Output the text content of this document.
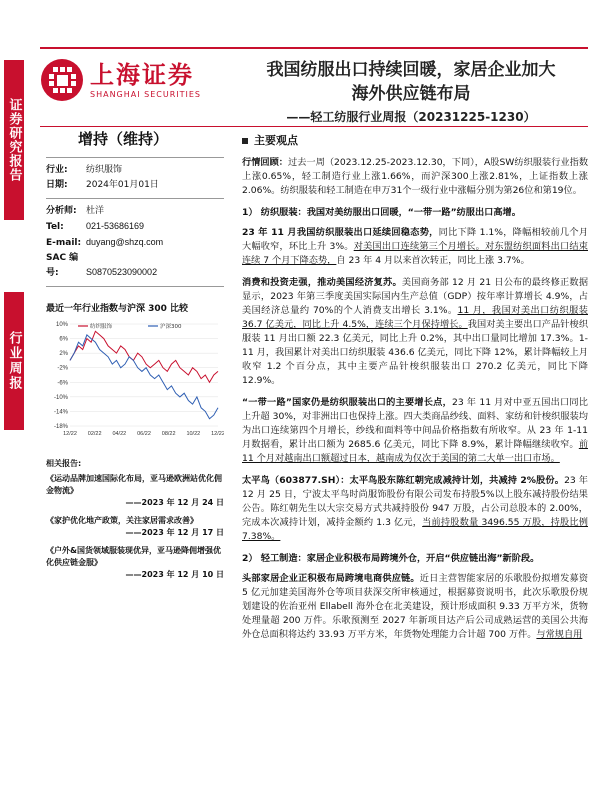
证券研究报告
行业周报
上海证券
SHANGHAI SECURITIES
我国纺服出口持续回暖，家居企业加大
海外供应链布局
——轻工纺服行业周报（20231225-1230）
增持（维持）
行业: 纺织服饰
日期: 2024年01月01日
分析师: 杜洋
Tel: 021-53686169
E-mail: duyang@shzq.com
SAC 编号:	S0870523090002
最近一年行业指数与沪深 300 比较
10%
6%
2%
-2%
-6%
-10%
-14%
-18%
12/22 02/22 04/22 06/22 08/22 10/22 12/22
纺织服饰	沪深300
相关报告:
《运动品牌加速国际化布局，亚马逊欧洲站优化佣金物流》
——2023 年 12 月 24 日
《家护优化地产政策，关注家居需求改善》
——2023 年 12 月 17 日
《户外&国货领域服装现优异，亚马逊降佣增强优化供应链金服》
——2023 年 12 月 10 日
主要观点
行情回顾：过去一周（2023.12.25-2023.12.30，下同），A股SW纺织服装行业指数上涨0.65%，轻工制造行业上涨1.66%，而沪深300上涨2.81%，上证指数上涨2.06%。纺织服装和轻工制造在申万31个一级行业中涨幅分别为第26位和第19位。
1） 纺织服装：我国对美纺服出口回暖，“一带一路”纺服出口高增。
23 年 11 月我国纺织服装出口延续回稳态势，同比下降 1.1%，降幅相较前几个月大幅收窄，环比上升 3%。对美国出口连续第三个月增长。对东盟纺织面料出口结束连续 7 个月下降态势，自 23 年 4 月以来首次转正，同比上涨 3.7%。
消费和投资走强，推动美国经济复苏。美国商务部 12 月 21 日公布的最终修正数据显示，2023 年第三季度美国实际国内生产总值（GDP）按年率计算增长 4.9%，占美国经济总量约 70%的个人消费支出增长 3.1%。11 月，我国对美出口纺织服装 36.7 亿美元，同比上升 4.5%，连续三个月保持增长。我国对美主要出口产品针梭织服装 11 月出口额 22.3 亿美元，同比上升 0.2%，其中出口量同比增加 17.3%。1-11 月，我国累计对美出口纺织服装 436.6 亿美元，同比下降 12%，累计降幅较上月收窄 1.2 个百分点，其中主要产品针梭织服装出口 270.2 亿美元，同比下降 12.9%。
“一带一路”国家仍是纺织服装出口的主要增长点，23 年 11 月对中亚五国出口同比上升超 30%，对非洲出口也保持上涨。四大类商品纱线、面料、家纺和针梭织服装均为出口连续第四个月增长，纱线和面料等中间品价格指数有所收窄。从 23 年 1-11 月数据看，累计出口额为 2685.6 亿美元，同比下降 8.9%，累计降幅继续收窄。前 11 个月对越南出口额超过日本，越南成为仅次于美国的第二大单一出口市场。
太平鸟（603877.SH）：太平鸟股东陈红朝完成减持计划，共减持 2%股份。23 年 12 月 25 日，宁波太平鸟时尚服饰股份有限公司发布持股5%以上股东减持股份结果公告。陈红朝先生以大宗交易方式共减持股份 947 万股，占公司总股本的 2.00%，完成本次减持计划，减持金额约 1.3 亿元，当前持股数量 3496.55 万股，持股比例 7.38%。
2） 轻工制造：家居企业积极布局跨境外仓，开启“供应链出海”新阶段。
头部家居企业正积极布局跨境电商供应链。近日主营智能家居的乐歌股份拟增发募资 5 亿元加建美国海外仓等项目获深交所审核通过，根据募资说明书，此次乐歌股份规划建设的佐治亚州 Ellabell 海外仓在北美建设，预计形成面积 9.33 万平方米，货物处理量超 200 万件。乐歌预测至 2027 年新项目达产后公司成熟运营的美国公共海外仓总面积将达约 33.93 万平方米，年货物处理能力合计超 700 万件。与常规自用
